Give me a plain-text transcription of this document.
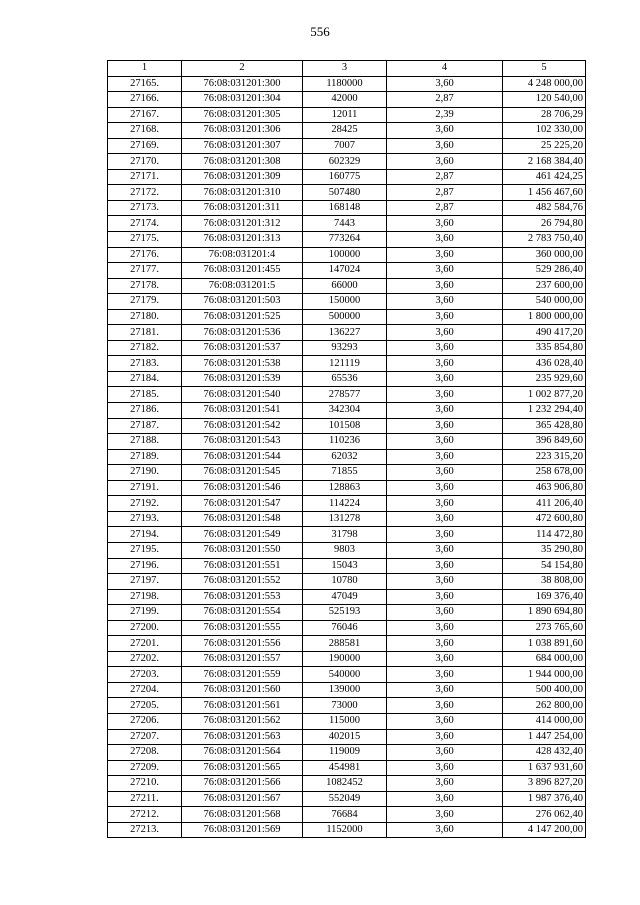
556
1	2	3	4	5
27165.	76:08:031201:300	1180000	3,60	4 248 000,00
27166.	76:08:031201:304	42000	2,87	120 540,00
27167.	76:08:031201:305	12011	2,39	28 706,29
27168.	76:08:031201:306	28425	3,60	102 330,00
27169.	76:08:031201:307	7007	3,60	25 225,20
27170.	76:08:031201:308	602329	3,60	2 168 384,40
27171.	76:08:031201:309	160775	2,87	461 424,25
27172.	76:08:031201:310	507480	2,87	1 456 467,60
27173.	76:08:031201:311	168148	2,87	482 584,76
27174.	76:08:031201:312	7443	3,60	26 794,80
27175.	76:08:031201:313	773264	3,60	2 783 750,40
27176.	76:08:031201:4	100000	3,60	360 000,00
27177.	76:08:031201:455	147024	3,60	529 286,40
27178.	76:08:031201:5	66000	3,60	237 600,00
27179.	76:08:031201:503	150000	3,60	540 000,00
27180.	76:08:031201:525	500000	3,60	1 800 000,00
27181.	76:08:031201:536	136227	3,60	490 417,20
27182.	76:08:031201:537	93293	3,60	335 854,80
27183.	76:08:031201:538	121119	3,60	436 028,40
27184.	76:08:031201:539	65536	3,60	235 929,60
27185.	76:08:031201:540	278577	3,60	1 002 877,20
27186.	76:08:031201:541	342304	3,60	1 232 294,40
27187.	76:08:031201:542	101508	3,60	365 428,80
27188.	76:08:031201:543	110236	3,60	396 849,60
27189.	76:08:031201:544	62032	3,60	223 315,20
27190.	76:08:031201:545	71855	3,60	258 678,00
27191.	76:08:031201:546	128863	3,60	463 906,80
27192.	76:08:031201:547	114224	3,60	411 206,40
27193.	76:08:031201:548	131278	3,60	472 600,80
27194.	76:08:031201:549	31798	3,60	114 472,80
27195.	76:08:031201:550	9803	3,60	35 290,80
27196.	76:08:031201:551	15043	3,60	54 154,80
27197.	76:08:031201:552	10780	3,60	38 808,00
27198.	76:08:031201:553	47049	3,60	169 376,40
27199.	76:08:031201:554	525193	3,60	1 890 694,80
27200.	76:08:031201:555	76046	3,60	273 765,60
27201.	76:08:031201:556	288581	3,60	1 038 891,60
27202.	76:08:031201:557	190000	3,60	684 000,00
27203.	76:08:031201:559	540000	3,60	1 944 000,00
27204.	76:08:031201:560	139000	3,60	500 400,00
27205.	76:08:031201:561	73000	3,60	262 800,00
27206.	76:08:031201:562	115000	3,60	414 000,00
27207.	76:08:031201:563	402015	3,60	1 447 254,00
27208.	76:08:031201:564	119009	3,60	428 432,40
27209.	76:08:031201:565	454981	3,60	1 637 931,60
27210.	76:08:031201:566	1082452	3,60	3 896 827,20
27211.	76:08:031201:567	552049	3,60	1 987 376,40
27212.	76:08:031201:568	76684	3,60	276 062,40
27213.	76:08:031201:569	1152000	3,60	4 147 200,00
